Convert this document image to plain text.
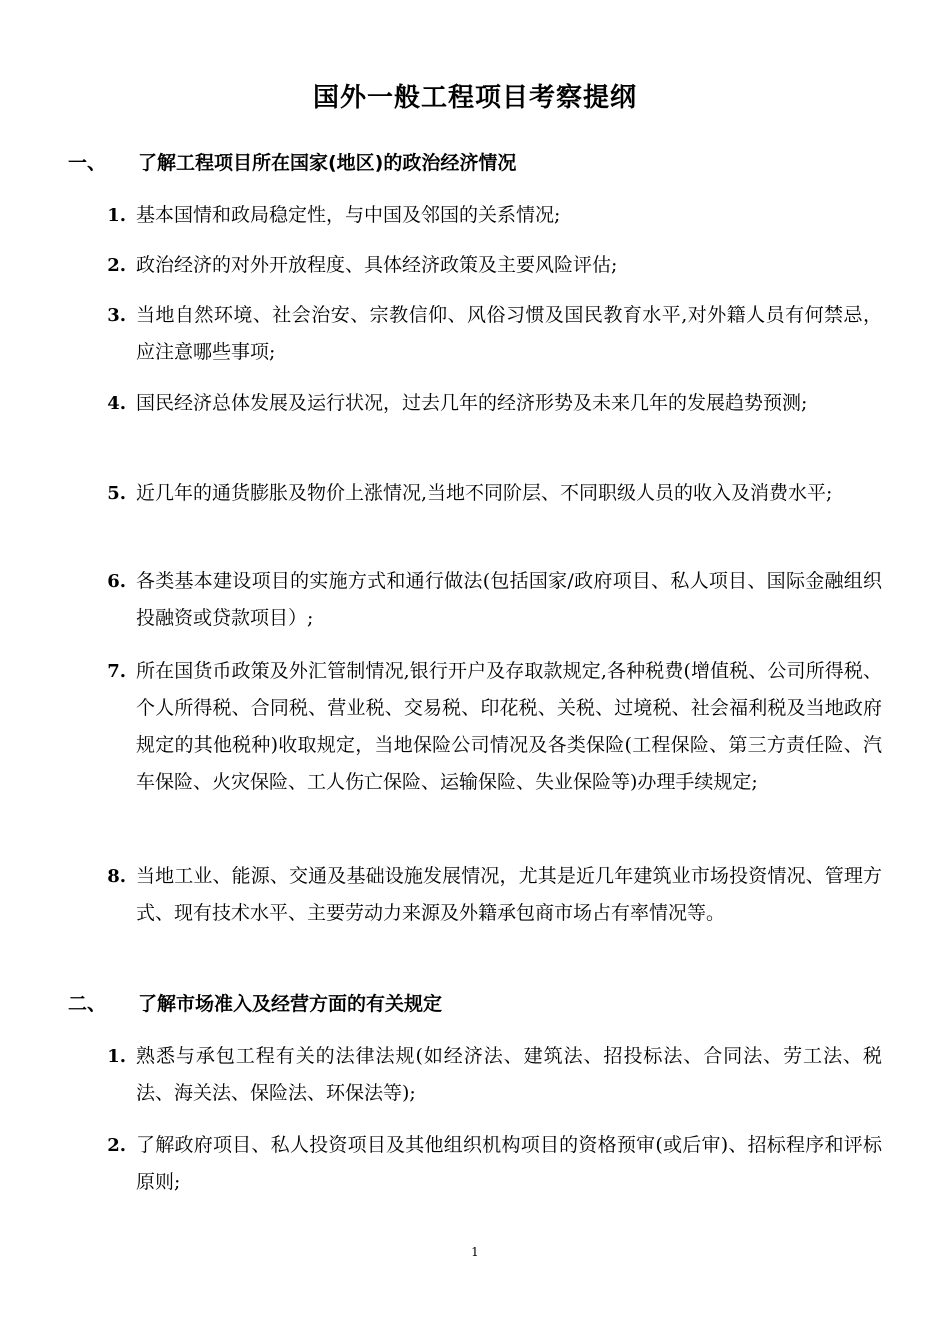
国外一般工程项目考察提纲
一、 了解工程项目所在国家(地区)的政治经济情况
1. 基本国情和政局稳定性，与中国及邻国的关系情况;
2. 政治经济的对外开放程度、具体经济政策及主要风险评估;
3. 当地自然环境、社会治安、宗教信仰、风俗习惯及国民教育水平,对外籍人员有何禁忌，应注意哪些事项;
4. 国民经济总体发展及运行状况，过去几年的经济形势及未来几年的发展趋势预测;
5. 近几年的通货膨胀及物价上涨情况,当地不同阶层、不同职级人员的收入及消费水平;
6. 各类基本建设项目的实施方式和通行做法(包括国家/政府项目、私人项目、国际金融组织投融资或贷款项目）;
7. 所在国货币政策及外汇管制情况,银行开户及存取款规定,各种税费(增值税、公司所得税、个人所得税、合同税、营业税、交易税、印花税、关税、过境税、社会福利税及当地政府规定的其他税种)收取规定，当地保险公司情况及各类保险(工程保险、第三方责任险、汽车保险、火灾保险、工人伤亡保险、运输保险、失业保险等)办理手续规定;
8. 当地工业、能源、交通及基础设施发展情况，尤其是近几年建筑业市场投资情况、管理方式、现有技术水平、主要劳动力来源及外籍承包商市场占有率情况等。
二、 了解市场准入及经营方面的有关规定
1. 熟悉与承包工程有关的法律法规(如经济法、建筑法、招投标法、合同法、劳工法、税法、海关法、保险法、环保法等);
2. 了解政府项目、私人投资项目及其他组织机构项目的资格预审(或后审)、招标程序和评标原则;
1
